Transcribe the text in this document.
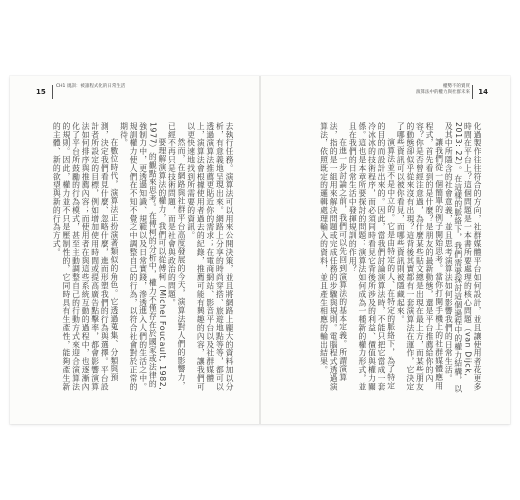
15
CH1 規訓：被誰程式化的日常生活

去執行任務。演算法可以用來公開決策，並且將網路上龐大的資料加以分析，有意義地呈現出來。網路上分享的時尚穿搭、旅遊地點等等，都可以透過演算法推薦更貼近你的需求；在電商網站、影音平台以及社群媒體上，演算法會根據使用者過去的紀錄，推薦可能有興趣的內容，讓我們可以更快速地找到所需要的資訊。

然而，在網路與社群平台高度發展的今天，演算法對人們的影響力，已經不再只是技術問題，而是社會與政治的問題。

要理解演算法的權力，我們可以從傅柯（Michel Foucault, 1982, 1977）的觀點來思考。在傅柯的分析中，權力不僅存在於國家或法律的強制力中，更透過知識、規範以及日常實踐，滲透進入人們的生活之中。規訓權力使人們在不知不覺之中調整自己的行為，以符合社會對於正常的期待。

在數位時代，演算法正扮演著類似的角色。它透過蒐集、分類與預測，決定我們看見什麼、忽略什麼，進而形塑我們的行為與選擇。平台設計者所設定的目標，例如增加使用時間或提高廣告點擊率，都會影響演算法如何排序與推薦內容；而使用者在與這些系統互動的過程中，也逐漸內化了平台所鼓勵的行為模式，甚至主動調整自己的行動方式來迎合演算法的規則。因此，權力並不只是壓制性的，它同時具有生產性，能夠產生新的主體、新的欲望與新的行為方式。

14
權勢不的賣買
演算法中的權力與社群未來

化過製作往往符合的方向，社群媒體平台如何設計，並且讓使用者花更多時間在平台上？這個問題是一本書所要處理的核心問題（van Dijck, 2013: 22）。在這樣的脈絡下，我們需要探討這個過程中的權力結構，以及其中所隱含的社會意義，並且思考演算法如何影響我們的日常生活。

讓我們從一個簡單的例子開始思考。當你打開手機上的社群媒體應用程式，首先看到的是什麼？是朋友的最新動態，還是平台推薦給你的內容？你是否曾經注意過，為什麼某些貼文總是出現在最上方，而某些朋友的動態卻似乎從來沒有出現？這背後其實都有一套演算法在運作，它決定了哪些資訊可以被你看見，而哪些資訊則被隱藏起來。

演算法並不是中立的。它是由特定的人、在特定的脈絡下，為了特定的目的而設計出來的。因此，當我們討論演算法時，不能只把它當成一套冷冰冰的技術程序，而必須同時看見它背後所涉及的利益、價值與權力關係。這也是本章所要探討的問題：演算法如何成為一種新的權力形式，並且在我們的日常生活中發揮規訓的作用？

在進一步討論之前，我們可以先回到演算法的基本定義。所謂演算法，指的是一組用來解決問題或完成任務的步驟與規則。電腦程式透過演算法，依照既定的邏輯處理輸入的資料，並且產生相應的輸出結果。
